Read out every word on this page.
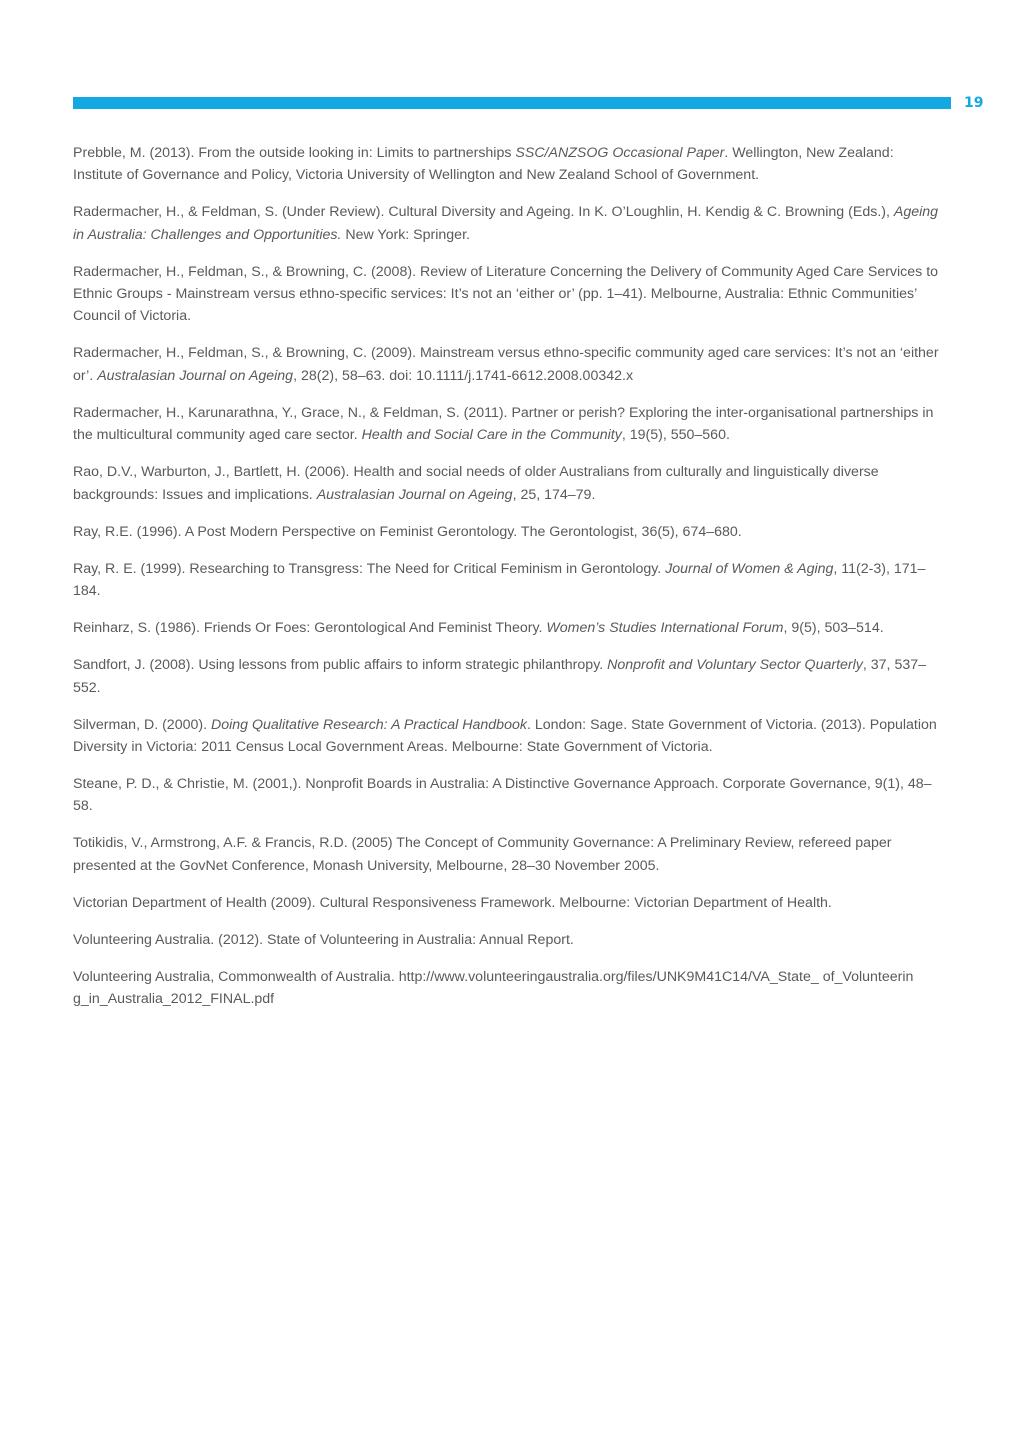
19
Prebble, M. (2013). From the outside looking in: Limits to partnerships SSC/ANZSOG Occasional Paper. Wellington, New Zealand: Institute of Governance and Policy, Victoria University of Wellington and New Zealand School of Government.
Radermacher, H., & Feldman, S. (Under Review). Cultural Diversity and Ageing. In K. O’Loughlin, H. Kendig & C. Browning (Eds.), Ageing in Australia: Challenges and Opportunities. New York: Springer.
Radermacher, H., Feldman, S., & Browning, C. (2008). Review of Literature Concerning the Delivery of Community Aged Care Services to Ethnic Groups - Mainstream versus ethno-specific services: It’s not an ‘either or’ (pp. 1–41). Melbourne, Australia: Ethnic Communities’ Council of Victoria.
Radermacher, H., Feldman, S., & Browning, C. (2009). Mainstream versus ethno-specific community aged care services: It’s not an ‘either or’. Australasian Journal on Ageing, 28(2), 58–63. doi: 10.1111/j.1741-6612.2008.00342.x
Radermacher, H., Karunarathna, Y., Grace, N., & Feldman, S. (2011). Partner or perish? Exploring the inter-organisational partnerships in the multicultural community aged care sector. Health and Social Care in the Community, 19(5), 550–560.
Rao, D.V., Warburton, J., Bartlett, H. (2006). Health and social needs of older Australians from culturally and linguistically diverse backgrounds: Issues and implications. Australasian Journal on Ageing, 25, 174–79.
Ray, R.E. (1996). A Post Modern Perspective on Feminist Gerontology. The Gerontologist, 36(5), 674–680.
Ray, R. E. (1999). Researching to Transgress: The Need for Critical Feminism in Gerontology. Journal of Women & Aging, 11(2-3), 171–184.
Reinharz, S. (1986). Friends Or Foes: Gerontological And Feminist Theory. Women’s Studies International Forum, 9(5), 503–514.
Sandfort, J. (2008). Using lessons from public affairs to inform strategic philanthropy. Nonprofit and Voluntary Sector Quarterly, 37, 537–552.
Silverman, D. (2000). Doing Qualitative Research: A Practical Handbook. London: Sage. State Government of Victoria. (2013). Population Diversity in Victoria: 2011 Census Local Government Areas. Melbourne: State Government of Victoria.
Steane, P. D., & Christie, M. (2001,). Nonprofit Boards in Australia: A Distinctive Governance Approach. Corporate Governance, 9(1), 48–58.
Totikidis, V., Armstrong, A.F. & Francis, R.D. (2005) The Concept of Community Governance: A Preliminary Review, refereed paper presented at the GovNet Conference, Monash University, Melbourne, 28–30 November 2005.
Victorian Department of Health (2009). Cultural Responsiveness Framework. Melbourne: Victorian Department of Health.
Volunteering Australia. (2012). State of Volunteering in Australia: Annual Report.
Volunteering Australia, Commonwealth of Australia. http://www.volunteeringaustralia.org/files/UNK9M41C14/VA_State_ of_Volunteerin g_in_Australia_2012_FINAL.pdf
